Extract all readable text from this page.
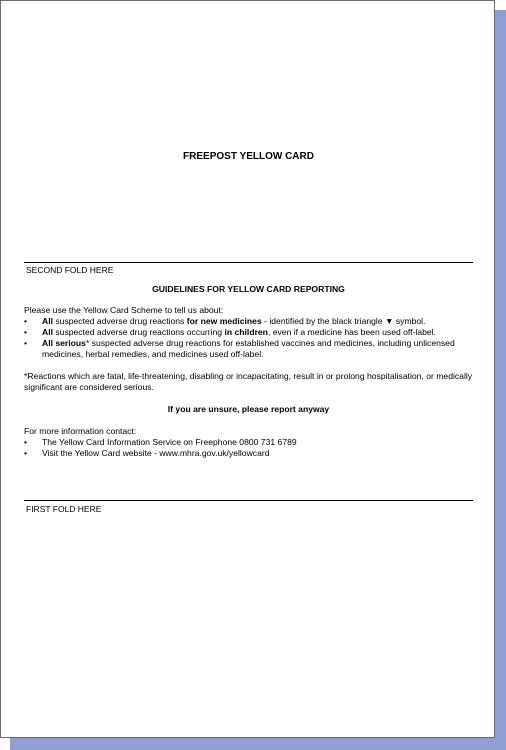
FREEPOST YELLOW CARD
SECOND FOLD HERE

GUIDELINES FOR YELLOW CARD REPORTING

Please use the Yellow Card Scheme to tell us about:

• All suspected adverse drug reactions for new medicines - identified by the black triangle ▼ symbol.
• All suspected adverse drug reactions occurring in children, even if a medicine has been used off-label.
• All serious* suspected adverse drug reactions for established vaccines and medicines, including unlicensed medicines, herbal remedies, and medicines used off-label.

*Reactions which are fatal, life-threatening, disabling or incapacitating, result in or prolong hospitalisation, or medically significant are considered serious.

If you are unsure, please report anyway

For more information contact:

• The Yellow Card Information Service on Freephone 0800 731 6789
• Visit the Yellow Card website - www.mhra.gov.uk/yellowcard
FIRST FOLD HERE
